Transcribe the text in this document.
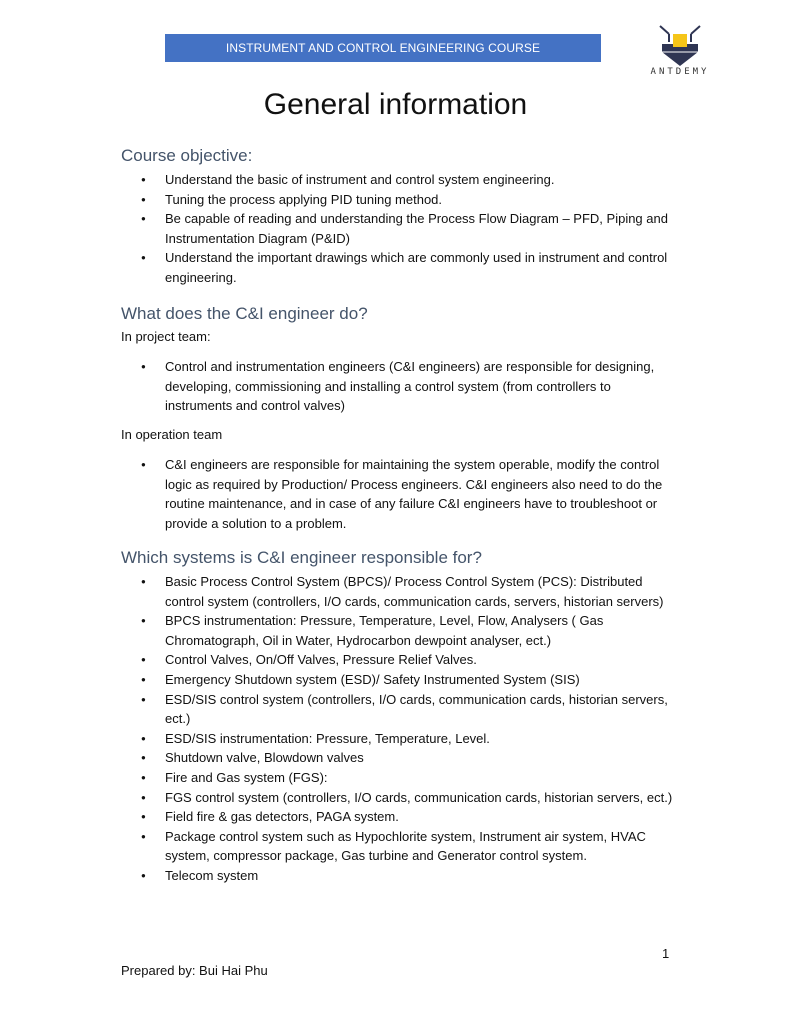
INSTRUMENT AND CONTROL ENGINEERING COURSE
ANTDEMY
General information
Course objective:
● Understand the basic of instrument and control system engineering.
● Tuning the process applying PID tuning method.
● Be capable of reading and understanding the Process Flow Diagram – PFD, Piping and Instrumentation Diagram (P&ID)
● Understand the important drawings which are commonly used in instrument and control engineering.
What does the C&I engineer do?
In project team:
● Control and instrumentation engineers (C&I engineers) are responsible for designing, developing, commissioning and installing a control system (from controllers to instruments and control valves)
In operation team
● C&I engineers are responsible for maintaining the system operable, modify the control logic as required by Production/ Process engineers. C&I engineers also need to do the routine maintenance, and in case of any failure C&I engineers have to troubleshoot or provide a solution to a problem.
Which systems is C&I engineer responsible for?
● Basic Process Control System (BPCS)/ Process Control System (PCS): Distributed control system (controllers, I/O cards, communication cards, servers, historian servers)
● BPCS instrumentation: Pressure, Temperature, Level, Flow, Analysers ( Gas Chromatograph, Oil in Water, Hydrocarbon dewpoint analyser, ect.)
● Control Valves, On/Off Valves, Pressure Relief Valves.
● Emergency Shutdown system (ESD)/ Safety Instrumented System (SIS)
● ESD/SIS control system (controllers, I/O cards, communication cards, historian servers, ect.)
● ESD/SIS instrumentation: Pressure, Temperature, Level.
● Shutdown valve, Blowdown valves
● Fire and Gas system (FGS):
● FGS control system (controllers, I/O cards, communication cards, historian servers, ect.)
● Field fire & gas detectors, PAGA system.
● Package control system such as Hypochlorite system, Instrument air system, HVAC system, compressor package, Gas turbine and Generator control system.
● Telecom system
1
Prepared by: Bui Hai Phu
